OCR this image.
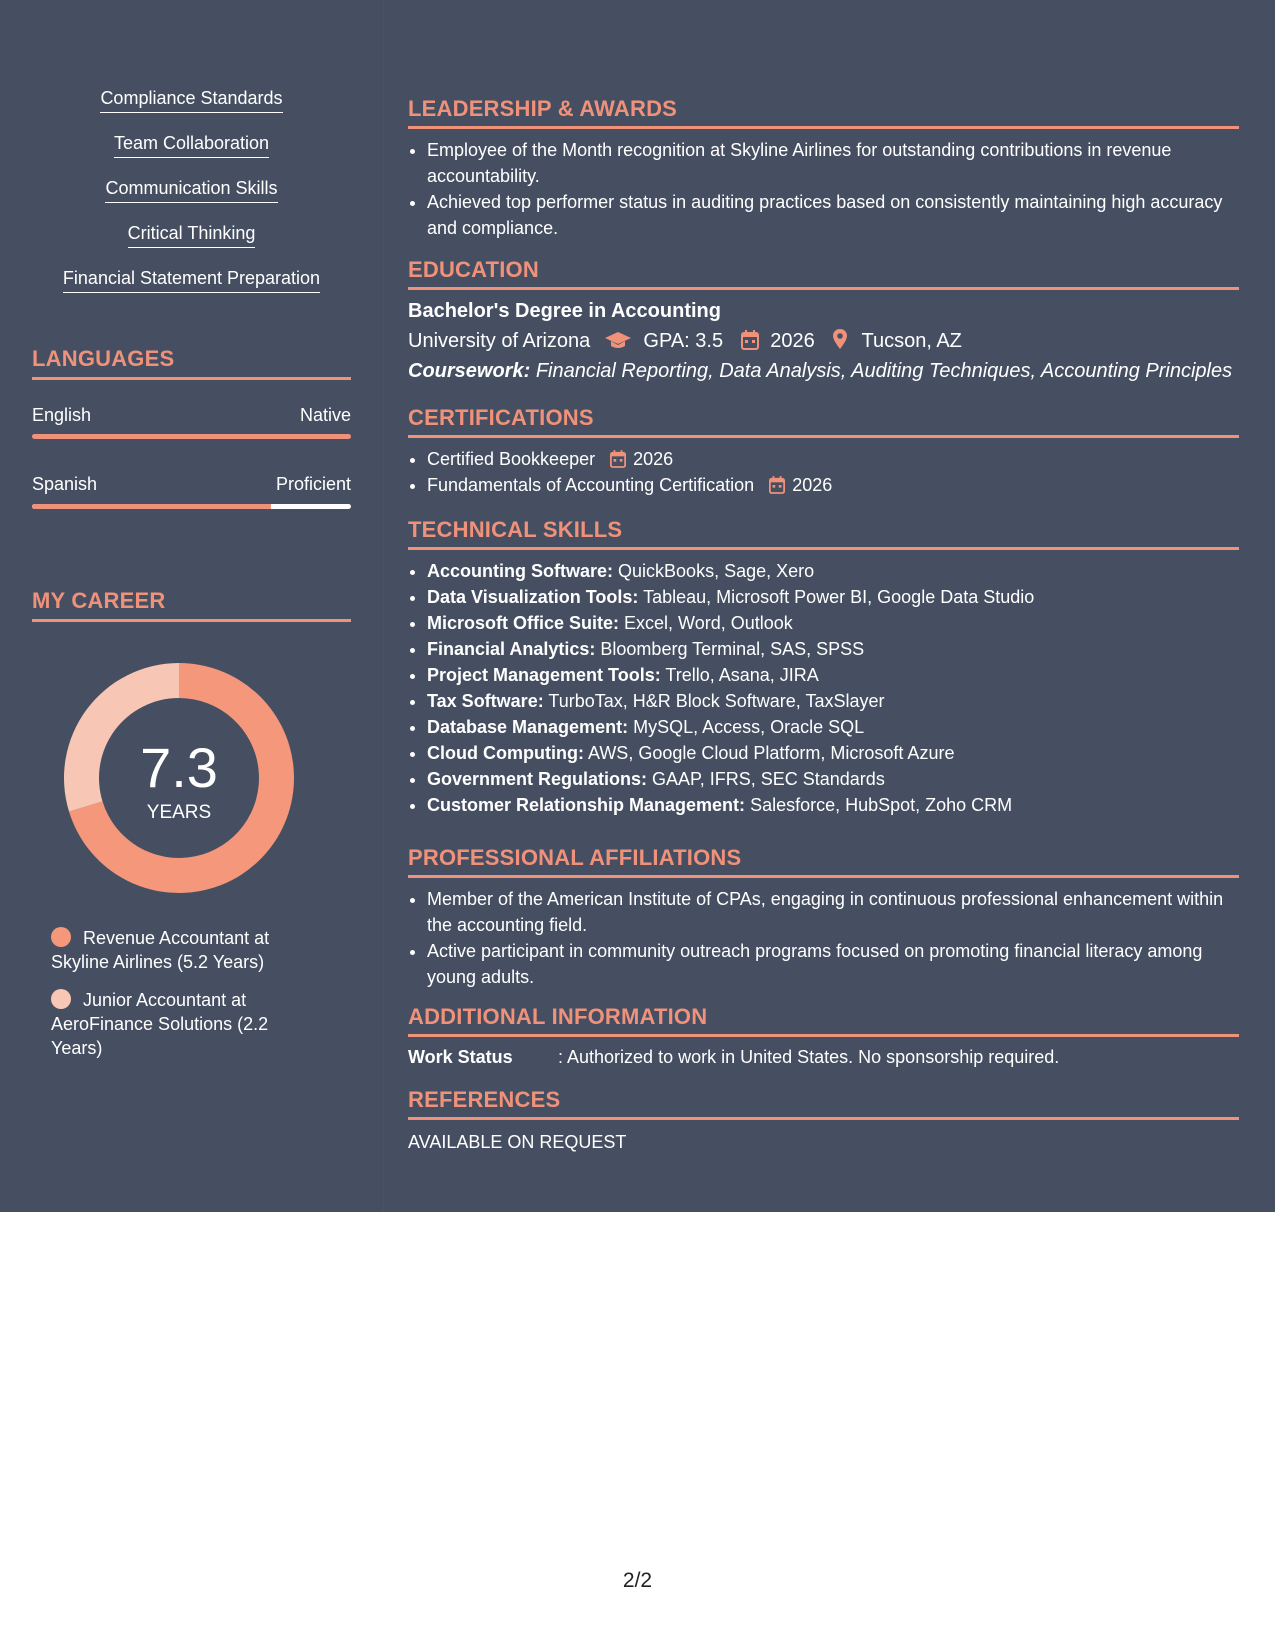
Compliance Standards
Team Collaboration
Communication Skills
Critical Thinking
Financial Statement Preparation
LANGUAGES
English	Native
Spanish	Proficient
MY CAREER
7.3
YEARS
Revenue Accountant at Skyline Airlines (5.2 Years)
Junior Accountant at AeroFinance Solutions (2.2 Years)
LEADERSHIP & AWARDS
• Employee of the Month recognition at Skyline Airlines for outstanding contributions in revenue accountability.
• Achieved top performer status in auditing practices based on consistently maintaining high accuracy and compliance.
EDUCATION
Bachelor's Degree in Accounting
University of Arizona	GPA: 3.5 2026 Tucson, AZ
Coursework: Financial Reporting, Data Analysis, Auditing Techniques, Accounting Principles
CERTIFICATIONS
• Certified Bookkeeper 2026
• Fundamentals of Accounting Certification 2026
TECHNICAL SKILLS
• Accounting Software: QuickBooks, Sage, Xero
• Data Visualization Tools: Tableau, Microsoft Power BI, Google Data Studio
• Microsoft Office Suite: Excel, Word, Outlook
• Financial Analytics: Bloomberg Terminal, SAS, SPSS
• Project Management Tools: Trello, Asana, JIRA
• Tax Software: TurboTax, H&R Block Software, TaxSlayer
• Database Management: MySQL, Access, Oracle SQL
• Cloud Computing: AWS, Google Cloud Platform, Microsoft Azure
• Government Regulations: GAAP, IFRS, SEC Standards
• Customer Relationship Management: Salesforce, HubSpot, Zoho CRM
PROFESSIONAL AFFILIATIONS
• Member of the American Institute of CPAs, engaging in continuous professional enhancement within the accounting field.
• Active participant in community outreach programs focused on promoting financial literacy among young adults.
ADDITIONAL INFORMATION
Work Status	: Authorized to work in United States. No sponsorship required.
REFERENCES
AVAILABLE ON REQUEST
2/2
